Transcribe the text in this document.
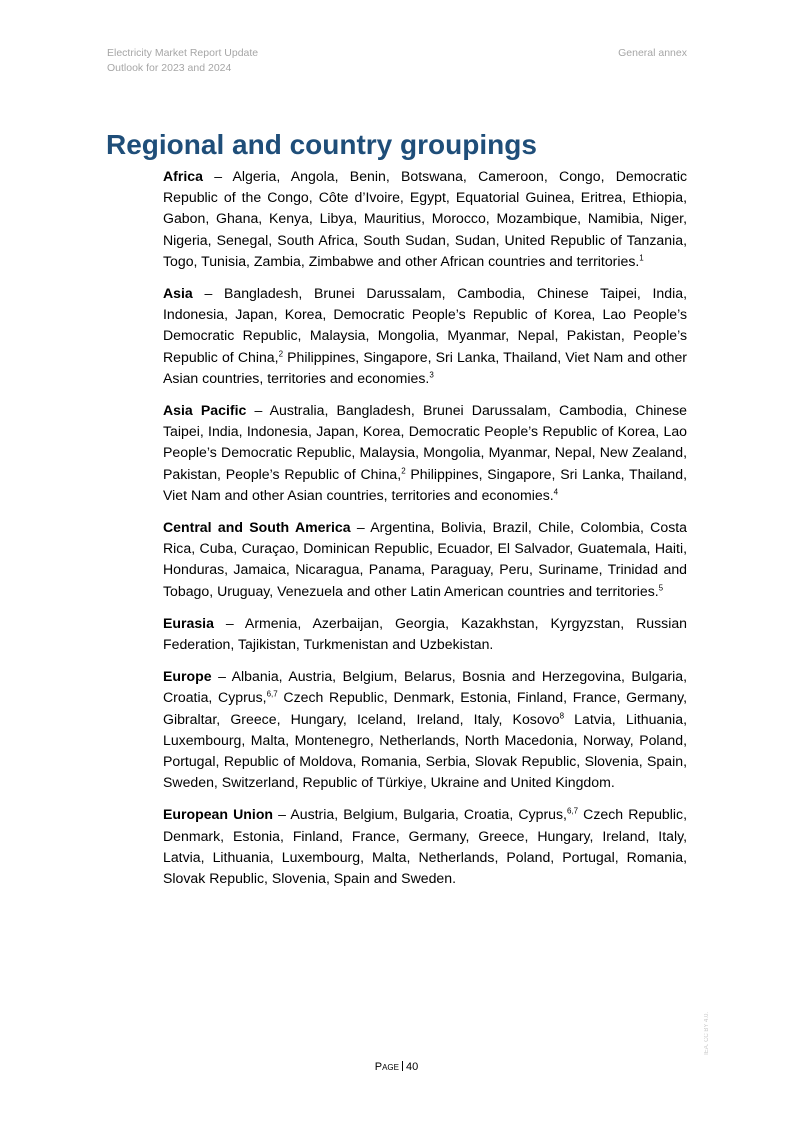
Electricity Market Report Update
Outlook for 2023 and 2024
General annex
Regional and country groupings

Africa – Algeria, Angola, Benin, Botswana, Cameroon, Congo, Democratic Republic of the Congo, Côte d’Ivoire, Egypt, Equatorial Guinea, Eritrea, Ethiopia, Gabon, Ghana, Kenya, Libya, Mauritius, Morocco, Mozambique, Namibia, Niger, Nigeria, Senegal, South Africa, South Sudan, Sudan, United Republic of Tanzania, Togo, Tunisia, Zambia, Zimbabwe and other African countries and territories.$^1$

Asia – Bangladesh, Brunei Darussalam, Cambodia, Chinese Taipei, India, Indonesia, Japan, Korea, Democratic People’s Republic of Korea, Lao People’s Democratic Republic, Malaysia, Mongolia, Myanmar, Nepal, Pakistan, People’s Republic of China,$^2$ Philippines, Singapore, Sri Lanka, Thailand, Viet Nam and other Asian countries, territories and economies.$^3$

Asia Pacific – Australia, Bangladesh, Brunei Darussalam, Cambodia, Chinese Taipei, India, Indonesia, Japan, Korea, Democratic People’s Republic of Korea, Lao People’s Democratic Republic, Malaysia, Mongolia, Myanmar, Nepal, New Zealand, Pakistan, People’s Republic of China,$^2$ Philippines, Singapore, Sri Lanka, Thailand, Viet Nam and other Asian countries, territories and economies.$^4$

Central and South America – Argentina, Bolivia, Brazil, Chile, Colombia, Costa Rica, Cuba, Curaçao, Dominican Republic, Ecuador, El Salvador, Guatemala, Haiti, Honduras, Jamaica, Nicaragua, Panama, Paraguay, Peru, Suriname, Trinidad and Tobago, Uruguay, Venezuela and other Latin American countries and territories.$^5$

Eurasia – Armenia, Azerbaijan, Georgia, Kazakhstan, Kyrgyzstan, Russian Federation, Tajikistan, Turkmenistan and Uzbekistan.

Europe – Albania, Austria, Belgium, Belarus, Bosnia and Herzegovina, Bulgaria, Croatia, Cyprus,$^{6,7}$ Czech Republic, Denmark, Estonia, Finland, France, Germany, Gibraltar, Greece, Hungary, Iceland, Ireland, Italy, Kosovo$^8$ Latvia, Lithuania, Luxembourg, Malta, Montenegro, Netherlands, North Macedonia, Norway, Poland, Portugal, Republic of Moldova, Romania, Serbia, Slovak Republic, Slovenia, Spain, Sweden, Switzerland, Republic of Türkiye, Ukraine and United Kingdom.

European Union – Austria, Belgium, Bulgaria, Croatia, Cyprus,$^{6,7}$ Czech Republic, Denmark, Estonia, Finland, France, Germany, Greece, Hungary, Ireland, Italy, Latvia, Lithuania, Luxembourg, Malta, Netherlands, Poland, Portugal, Romania, Slovak Republic, Slovenia, Spain and Sweden.

IEA. CC BY 4.0.
PAGE 40
